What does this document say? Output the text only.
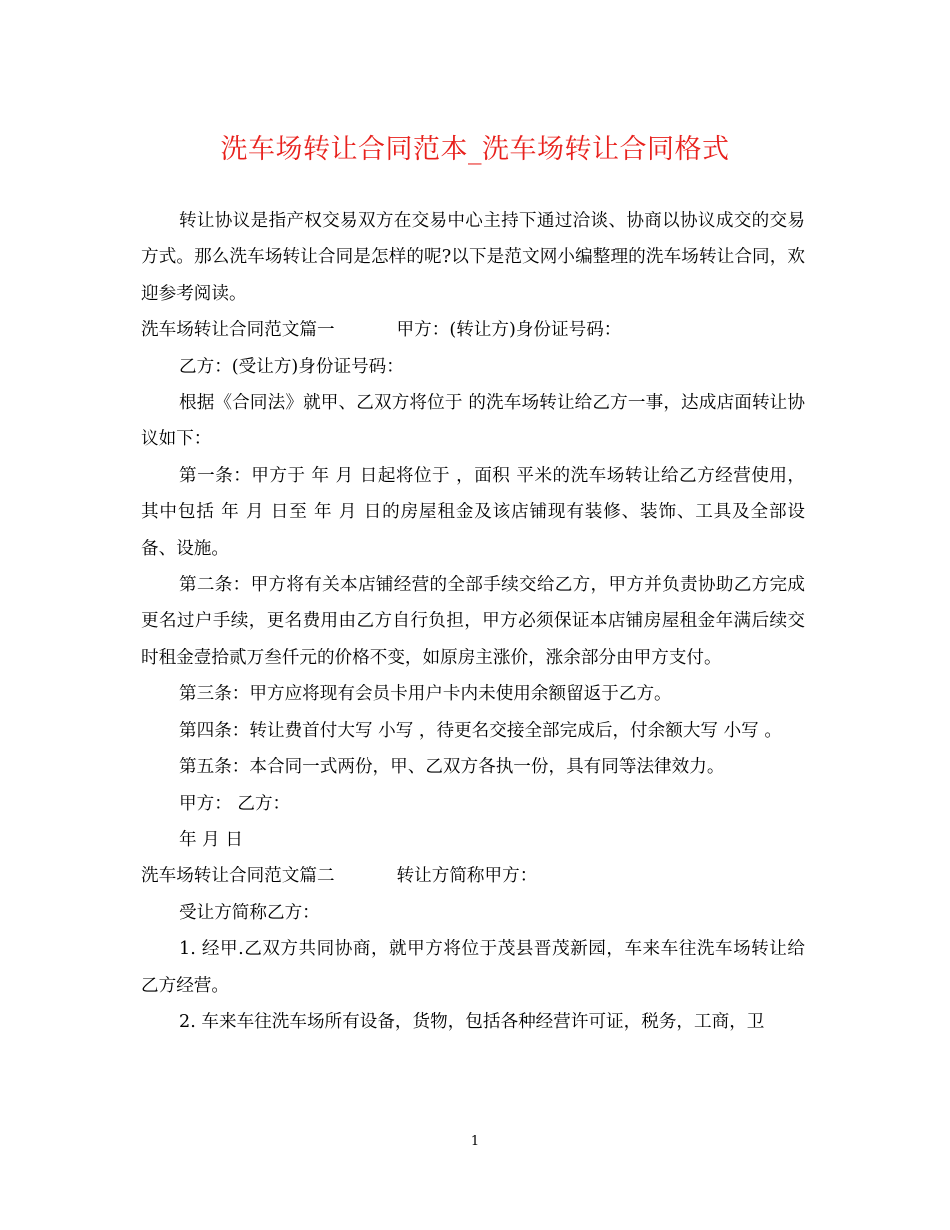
洗车场转让合同范本_洗车场转让合同格式

转让协议是指产权交易双方在交易中心主持下通过洽谈、协商以协议成交的交易方式。那么洗车场转让合同是怎样的呢?以下是范文网小编整理的洗车场转让合同，欢迎参考阅读。

洗车场转让合同范文篇一	甲方：(转让方)身份证号码：

乙方：(受让方)身份证号码：

根据《合同法》就甲、乙双方将位于 的洗车场转让给乙方一事，达成店面转让协议如下：

第一条：甲方于 年 月 日起将位于 ，面积 平米的洗车场转让给乙方经营使用，其中包括 年 月 日至 年 月 日的房屋租金及该店铺现有装修、装饰、工具及全部设备、设施。

第二条：甲方将有关本店铺经营的全部手续交给乙方，甲方并负责协助乙方完成更名过户手续，更名费用由乙方自行负担，甲方必须保证本店铺房屋租金年满后续交时租金壹拾贰万叁仟元的价格不变，如原房主涨价，涨余部分由甲方支付。

第三条：甲方应将现有会员卡用户卡内未使用余额留返于乙方。

第四条：转让费首付大写 小写 ，待更名交接全部完成后，付余额大写 小写 。

第五条：本合同一式两份，甲、乙双方各执一份，具有同等法律效力。

甲方： 乙方：

年 月 日

洗车场转让合同范文篇二	转让方简称甲方：

受让方简称乙方：

1. 经甲.乙双方共同协商，就甲方将位于茂县晋茂新园，车来车往洗车场转让给乙方经营。

2. 车来车往洗车场所有设备，货物，包括各种经营许可证，税务，工商，卫

1
